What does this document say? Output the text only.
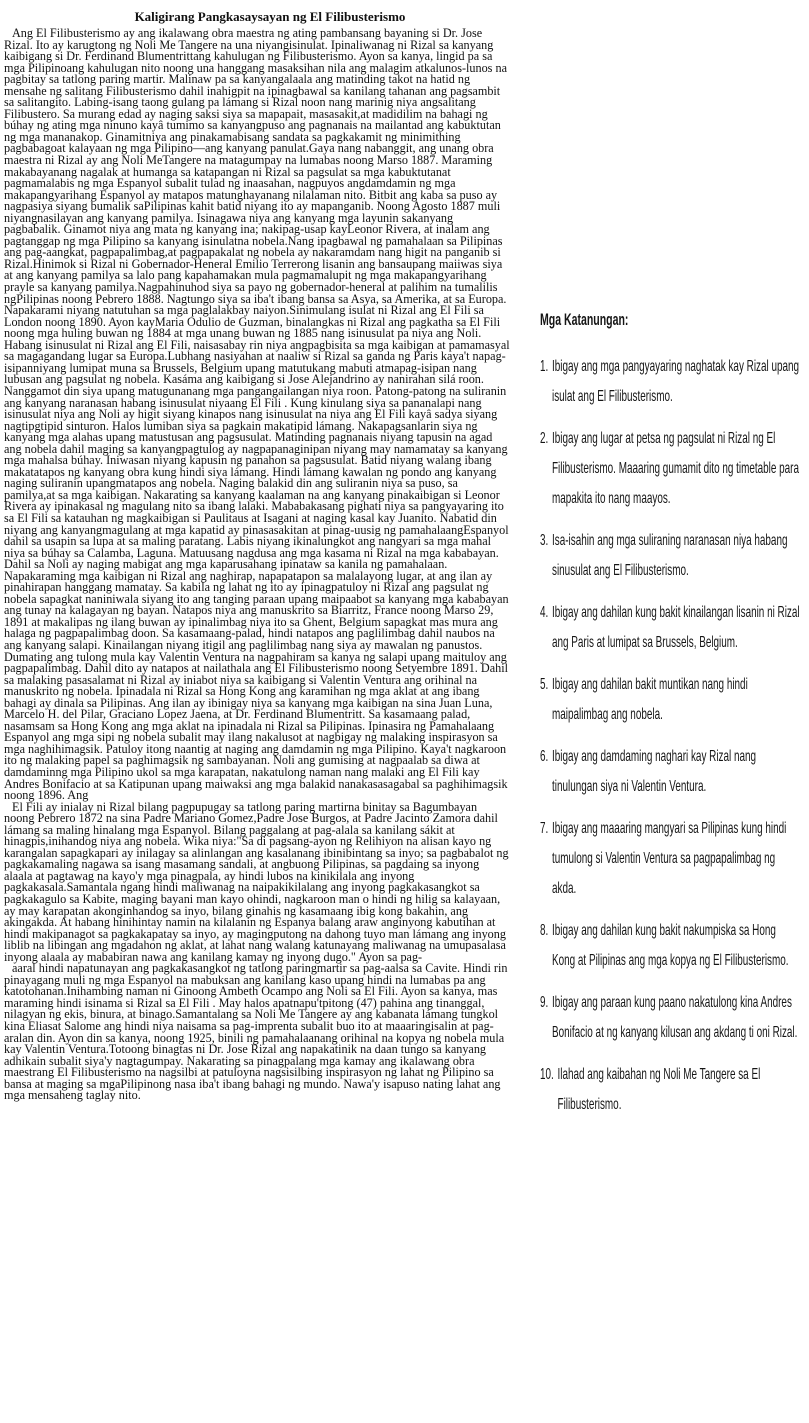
Kaligirang Pangkasaysayan ng El Filibusterismo

Ang El Filibusterismo ay ang ikalawang obra maestra ng ating pambansang bayaning si Dr. Jose Rizal. Ito ay karugtong ng Noli Me Tangere na una niyangisinulat. Ipinaliwanag ni Rizal sa kanyang kaibigang si Dr. Ferdinand Blumentrittang kahulugan ng Filibusterismo. Ayon sa kanya, lingid pa sa mga Pilipinoang kahulugan nito noong una hanggang masaksihan nila ang malagim atkalunos-lunos na pagbitay sa tatlong paring martir. Malinaw pa sa kanyangalaala ang matinding takot na hatid ng mensahe ng salitang Filibusterismo dahil inahigpit na ipinagbawal sa kanilang tahanan ang pagsambit sa salitangito. Labing-isang taong gulang pa lámang si Rizal noon nang marinig niya angsalitang Filibustero. Sa murang edad ay naging saksi siya sa mapapait, masasakit,at madidilim na bahagi ng búhay ng ating mga ninuno kayâ tumimo sa kanyangpuso ang pagnanais na mailantad ang kabuktutan ng mga mananakop. Ginamitniya ang pinakamabisang sandata sa pagkakamit ng minimithing pagbabagoat kalayaan ng mga Pilipino—ang kanyang panulat.Gaya nang nabanggit, ang unang obra maestra ni Rizal ay ang Noli MeTangere na matagumpay na lumabas noong Marso 1887. Maraming makabayanang nagalak at humanga sa katapangan ni Rizal sa pagsulat sa mga kabuktutanat pagmamalabis ng mga Espanyol subalit tulad ng inaasahan, nagpuyos angdamdamin ng mga makapangyarihang Espanyol ay matapos matunghayanang nilalaman nito. Bitbit ang kaba sa puso ay nagpasiya siyang bumalik saPilipinas kahit batid niyang ito ay mapanganib. Noong Agosto 1887 muli niyangnasilayan ang kanyang pamilya. Isinagawa niya ang kanyang mga layunin sakanyang pagbabalik. Ginamot niya ang mata ng kanyang ina; nakipag-usap kayLeonor Rivera, at inalam ang pagtanggap ng mga Pilipino sa kanyang isinulatna nobela.Nang ipagbawal ng pamahalaan sa Pilipinas ang pag-aangkat, pagpapalimbag,at pagpapakalat ng nobela ay nakaramdam nang higit na panganib si Rizal.Hinimok si Rizal ni Gobernador-Heneral Emilio Terrerong lisanin ang bansaupang maiiwas siya at ang kanyang pamilya sa lalo pang kapahamakan mula pagmamalupit ng mga makapangyarihang prayle sa kanyang pamilya.Nagpahinuhod siya sa payo ng gobernador-heneral at palihim na tumalilis ngPilipinas noong Pebrero 1888. Nagtungo siya sa iba't ibang bansa sa Asya, sa Amerika, at sa Europa. Napakarami niyang natutuhan sa mga paglalakbay naiyon.Sinimulang isulat ni Rizal ang El Fili sa London noong 1890. Ayon kayMaria Odulio de Guzman, binalangkas ni Rizal ang pagkatha sa El Fili noong mga huling buwan ng 1884 at mga unang buwan ng 1885 nang isinusulat pa niya ang Noli. Habang isinusulat ni Rizal ang El Fili, naisasabay rin niya angpagbisita sa mga kaibigan at pamamasyal sa magagandang lugar sa Europa.Lubhang nasiyahan at naaliw si Rizal sa ganda ng Paris kaya't napag-isipanniyang lumipat muna sa Brussels, Belgium upang matutukang mabuti atmapag-isipan nang lubusan ang pagsulat ng nobela. Kasáma ang kaibigang si Jose Alejandrino ay nanirahan silá roon. Nanggamot din siya upang matugunanang mga pangangailangan niya roon. Patong-patong na suliranin ang kanyang naranasan habang isinusulat niyaang El Fili . Kung kinulang siya sa pananalapi nang isinusulat niya ang Noli ay higit siyang kinapos nang isinusulat na niya ang El Fili kayâ sadya siyang nagtipgtipid sinturon. Halos lumiban siya sa pagkain makatipid lámang. Nakapagsanlarin siya ng kanyang mga alahas upang matustusan ang pagsusulat. Matinding pagnanais niyang tapusin na agad ang nobela dahil maging sa kanyangpagtulog ay nagpapanaginipan niyang may namamatay sa kanyang mga mahalsa búhay. Iniwasan niyang kapusin ng panahon sa pagsusulat. Batid niyang walang ibang makatatapos ng kanyang obra kung hindi siya lámang. Hindi lámang kawalan ng pondo ang kanyang naging suliranin upangmatapos ang nobela. Naging balakid din ang suliranin niya sa puso, sa pamilya,at sa mga kaibigan. Nakarating sa kanyang kaalaman na ang kanyang pinakaibigan si Leonor Rivera ay ipinakasal ng magulang nito sa ibang lalaki. Mababakasang pighati niya sa pangyayaring ito sa El Fili sa katauhan ng magkaibigan si Paulitaus at Isagani at naging kasal kay Juanito. Nabatid din niyang ang kanyangmagulang at mga kapatid ay pinasasakitan at pinag-uusig ng pamahalaangEspanyol dahil sa usapin sa lupa at sa maling paratang. Labis niyang ikinalungkot ang nangyari sa mga mahal niya sa búhay sa Calamba, Laguna. Matuusang nagdusa ang mga kasama ni Rizal na mga kababayan. Dahil sa Noli ay naging mabigat ang mga kaparusahang ipinataw sa kanila ng pamahalaan. Napakaraming mga kaibigan ni Rizal ang naghirap, napapatapon sa malalayong lugar, at ang ilan ay pinahirapan hanggang mamatay. Sa kabila ng lahat ng ito ay ipinagpatuloy ni Rizal ang pagsulat ng nobela sapagkat naniniwala siyang ito ang tanging paraan upang maipaabot sa kanyang mga kababayan ang tunay na kalagayan ng bayan. Natapos niya ang manuskrito sa Biarritz, France noong Marso 29, 1891 at makalipas ng ilang buwan ay ipinalimbag niya ito sa Ghent, Belgium sapagkat mas mura ang halaga ng pagpapalimbag doon. Sa kasamaang-palad, hindi natapos ang paglilimbag dahil naubos na ang kanyang salapi. Kinailangan niyang itigil ang paglilimbag nang siya ay mawalan ng panustos. Dumating ang tulong mula kay Valentin Ventura na nagpahiram sa kanya ng salapi upang maituloy ang pagpapalimbag. Dahil dito ay natapos at nailathala ang El Filibusterismo noong Setyembre 1891. Dahil sa malaking pasasalamat ni Rizal ay iniabot niya sa kaibigang si Valentin Ventura ang orihinal na manuskrito ng nobela. Ipinadala ni Rizal sa Hong Kong ang karamihan ng mga aklat at ang ibang bahagi ay dinala sa Pilipinas. Ang ilan ay ibinigay niya sa kanyang mga kaibigan na sina Juan Luna, Marcelo H. del Pilar, Graciano Lopez Jaena, at Dr. Ferdinand Blumentritt. Sa kasamaang palad, nasamsam sa Hong Kong ang mga aklat na ipinadala ni Rizal sa Pilipinas. Ipinasira ng Pamahalaang Espanyol ang mga sipi ng nobela subalit may ilang nakalusot at nagbigay ng malaking inspirasyon sa mga naghihimagsik. Patuloy itong naantig at naging ang damdamin ng mga Pilipino. Kaya't nagkaroon ito ng malaking papel sa paghimagsik ng sambayanan. Noli ang gumising at nagpaalab sa diwa at damdaminng mga Pilipino ukol sa mga karapatan, nakatulong naman nang malaki ang El Fili kay Andres Bonifacio at sa Katipunan upang maiwaksi ang mga balakid nanakasasagabal sa paghihimagsik noong 1896. Ang

El Fili ay inialay ni Rizal bilang pagpupugay sa tatlong paring martirna binitay sa Bagumbayan noong Pebrero 1872 na sina Padre Mariano Gomez,Padre Jose Burgos, at Padre Jacinto Zamora dahil lámang sa maling hinalang mga Espanyol. Bilang paggalang at pag-alala sa kanilang sákit at hinagpis,inihandog niya ang nobela. Wika niya:"Sa di pagsang-ayon ng Relihiyon na alisan kayo ng karangalan sapagkapari ay inilagay sa alinlangan ang kasalanang ibinibintang sa inyo; sa pagbabalot ng pagkakamaling nagawa sa isang masamang sandali, at angbuong Pilipinas, sa pagdaing sa inyong alaala at pagtawag na kayo'y mga pinagpala, ay hindi lubos na kinikilala ang inyong pagkakasala.Samantala ngang hindi maliwanag na naipakikilalang ang inyong pagkakasangkot sa pagkakagulo sa Kabite, maging bayani man kayo ohindi, nagkaroon man o hindi ng hilig sa kalayaan, ay may karapatan akonginhandog sa inyo, bilang ginahis ng kasamaang ibig kong bakahin, ang akingakda. At habang hinihintay namin na kilalanin ng Espanya balang araw anginyong kabutihan at hindi makipanagot sa pagkakapatay sa inyo, ay magingputong na dahong tuyo man lámang ang inyong liblib na libingan ang mgadahon ng aklat, at lahat nang walang katunayang maliwanag na umupasalasa inyong alaala ay mababiran nawa ang kanilang kamay ng inyong dugo." Ayon sa pag-

aaral hindi napatunayan ang pagkakasangkot ng tatlong paringmartir sa pag-aalsa sa Cavite. Hindi rin pinayagang muli ng mga Espanyol na mabuksan ang kanilang kaso upang hindi na lumabas pa ang katotohanan.Inihambing naman ni Ginoong Ambeth Ocampo ang Noli sa El Fili. Ayon sa kanya, mas maraming hindi isinama si Rizal sa El Fili . May halos apatnapu'tpitong (47) pahina ang tinanggal, nilagyan ng ekis, binura, at binago.Samantalang sa Noli Me Tangere ay ang kabanata lámang tungkol kina Eliasat Salome ang hindi niya naisama sa pag-imprenta subalit buo ito at maaaringisalin at pag-aralan din. Ayon din sa kanya, noong 1925, binili ng pamahalaanang orihinal na kopya ng nobela mula kay Valentin Ventura.Totoong binagtas ni Dr. Jose Rizal ang napakatinik na daan tungo sa kanyang adhikain subalit siya'y nagtagumpay. Nakarating sa pinagpalang mga kamay ang ikalawang obra maestrang El Filibusterismo na nagsilbi at patuloyna nagsisilbing inspirasyon ng lahat ng Pilipino sa bansa at maging sa mgaPilipinong nasa iba't ibang bahagi ng mundo. Nawa'y isapuso nating lahat ang mga mensaheng taglay nito.

Mga Katanungan:
1. Ibigay ang mga pangyayaring naghatak kay Rizal upang isulat ang El Filibusterismo.
2. Ibigay ang lugar at petsa ng pagsulat ni Rizal ng El Filibusterismo. Maaaring gumamit dito ng timetable para mapakita ito nang maayos.
3. Isa-isahin ang mga suliraning naranasan niya habang sinusulat ang El Filibusterismo.
4. Ibigay ang dahilan kung bakit kinailangan lisanin ni Rizal ang Paris at lumipat sa Brussels, Belgium.
5. Ibigay ang dahilan bakit muntikan nang hindi maipalimbag ang nobela.
6. Ibigay ang damdaming naghari kay Rizal nang tinulungan siya ni Valentin Ventura.
7. Ibigay ang maaaring mangyari sa Pilipinas kung hindi tumulong si Valentin Ventura sa pagpapalimbag ng akda.
8. Ibigay ang dahilan kung bakit nakumpiska sa Hong Kong at Pilipinas ang mga kopya ng El Filibusterismo.
9. Ibigay ang paraan kung paano nakatulong kina Andres Bonifacio at ng kanyang kilusan ang akdang ti oni Rizal.
10. Ilahad ang kaibahan ng Noli Me Tangere sa El Filibusterismo.
